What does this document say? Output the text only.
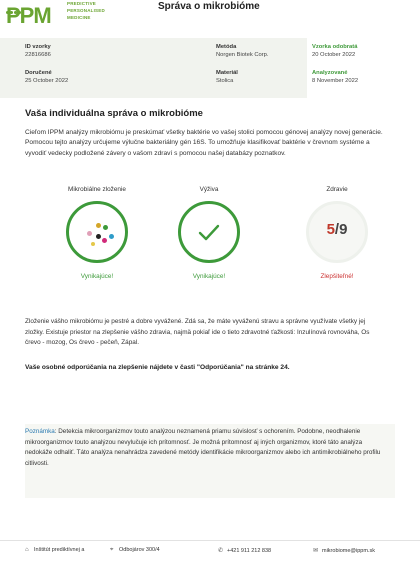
PPM	PREDICTIVE
PERSONALISED
MEDICINE
Správa o mikrobióme
ID vzorky
22816686
Metóda
Norgen Biotek Corp.
Vzorka odobratá
20 October 2022
Doručené
25 October 2022
Materiál
Stolica
Analyzované
8 November 2022
Vaša individuálna správa o mikrobióme

Cieľom IPPM analýzy mikrobiómu je preskúmať všetky baktérie vo vašej stolici pomocou génovej analýzy novej generácie. Pomocou tejto analýzy určujeme výlučne bakteriálny gén 16S. To umožňuje klasifikovať baktérie v črevnom systéme a vyvodiť vedecky podložené závery o vašom zdraví s pomocou našej databázy poznatkov.

Mikrobiálne zloženie
Vynikajúce!
Výživa
Vynikajúce!
Zdravie
5/9
Zlepšiteľné!

Zloženie vášho mikrobiómu je pestré a dobre vyvážené. Zdá sa, že máte vyváženú stravu a správne využívate všetky jej zložky. Existuje priestor na zlepšenie vášho zdravia, najmä pokiaľ ide o tieto zdravotné ťažkosti: Inzulínová rovnováha, Os črevo - mozog, Os črevo - pečeň, Zápal.

Vaše osobné odporúčania na zlepšenie nájdete v časti "Odporúčania" na stránke 24.

Poznámka: Detekcia mikroorganizmov touto analýzou neznamená priamu súvislosť s ochorením. Podobne, neodhalenie mikroorganizmov touto analýzou nevylučuje ich prítomnosť. Je možná prítomnosť aj iných organizmov, ktoré táto analýza nedokáže odhaliť. Táto analýza nenahrádza zavedené metódy identifikácie mikroorganizmov alebo ich antimikrobiálneho profilu citlivosti.

⌂ Inštitút prediktívnej a	⌖ Odbojárov 300/4	✆ +421 911 212 838	✉ mikrobiome@ippm.sk
